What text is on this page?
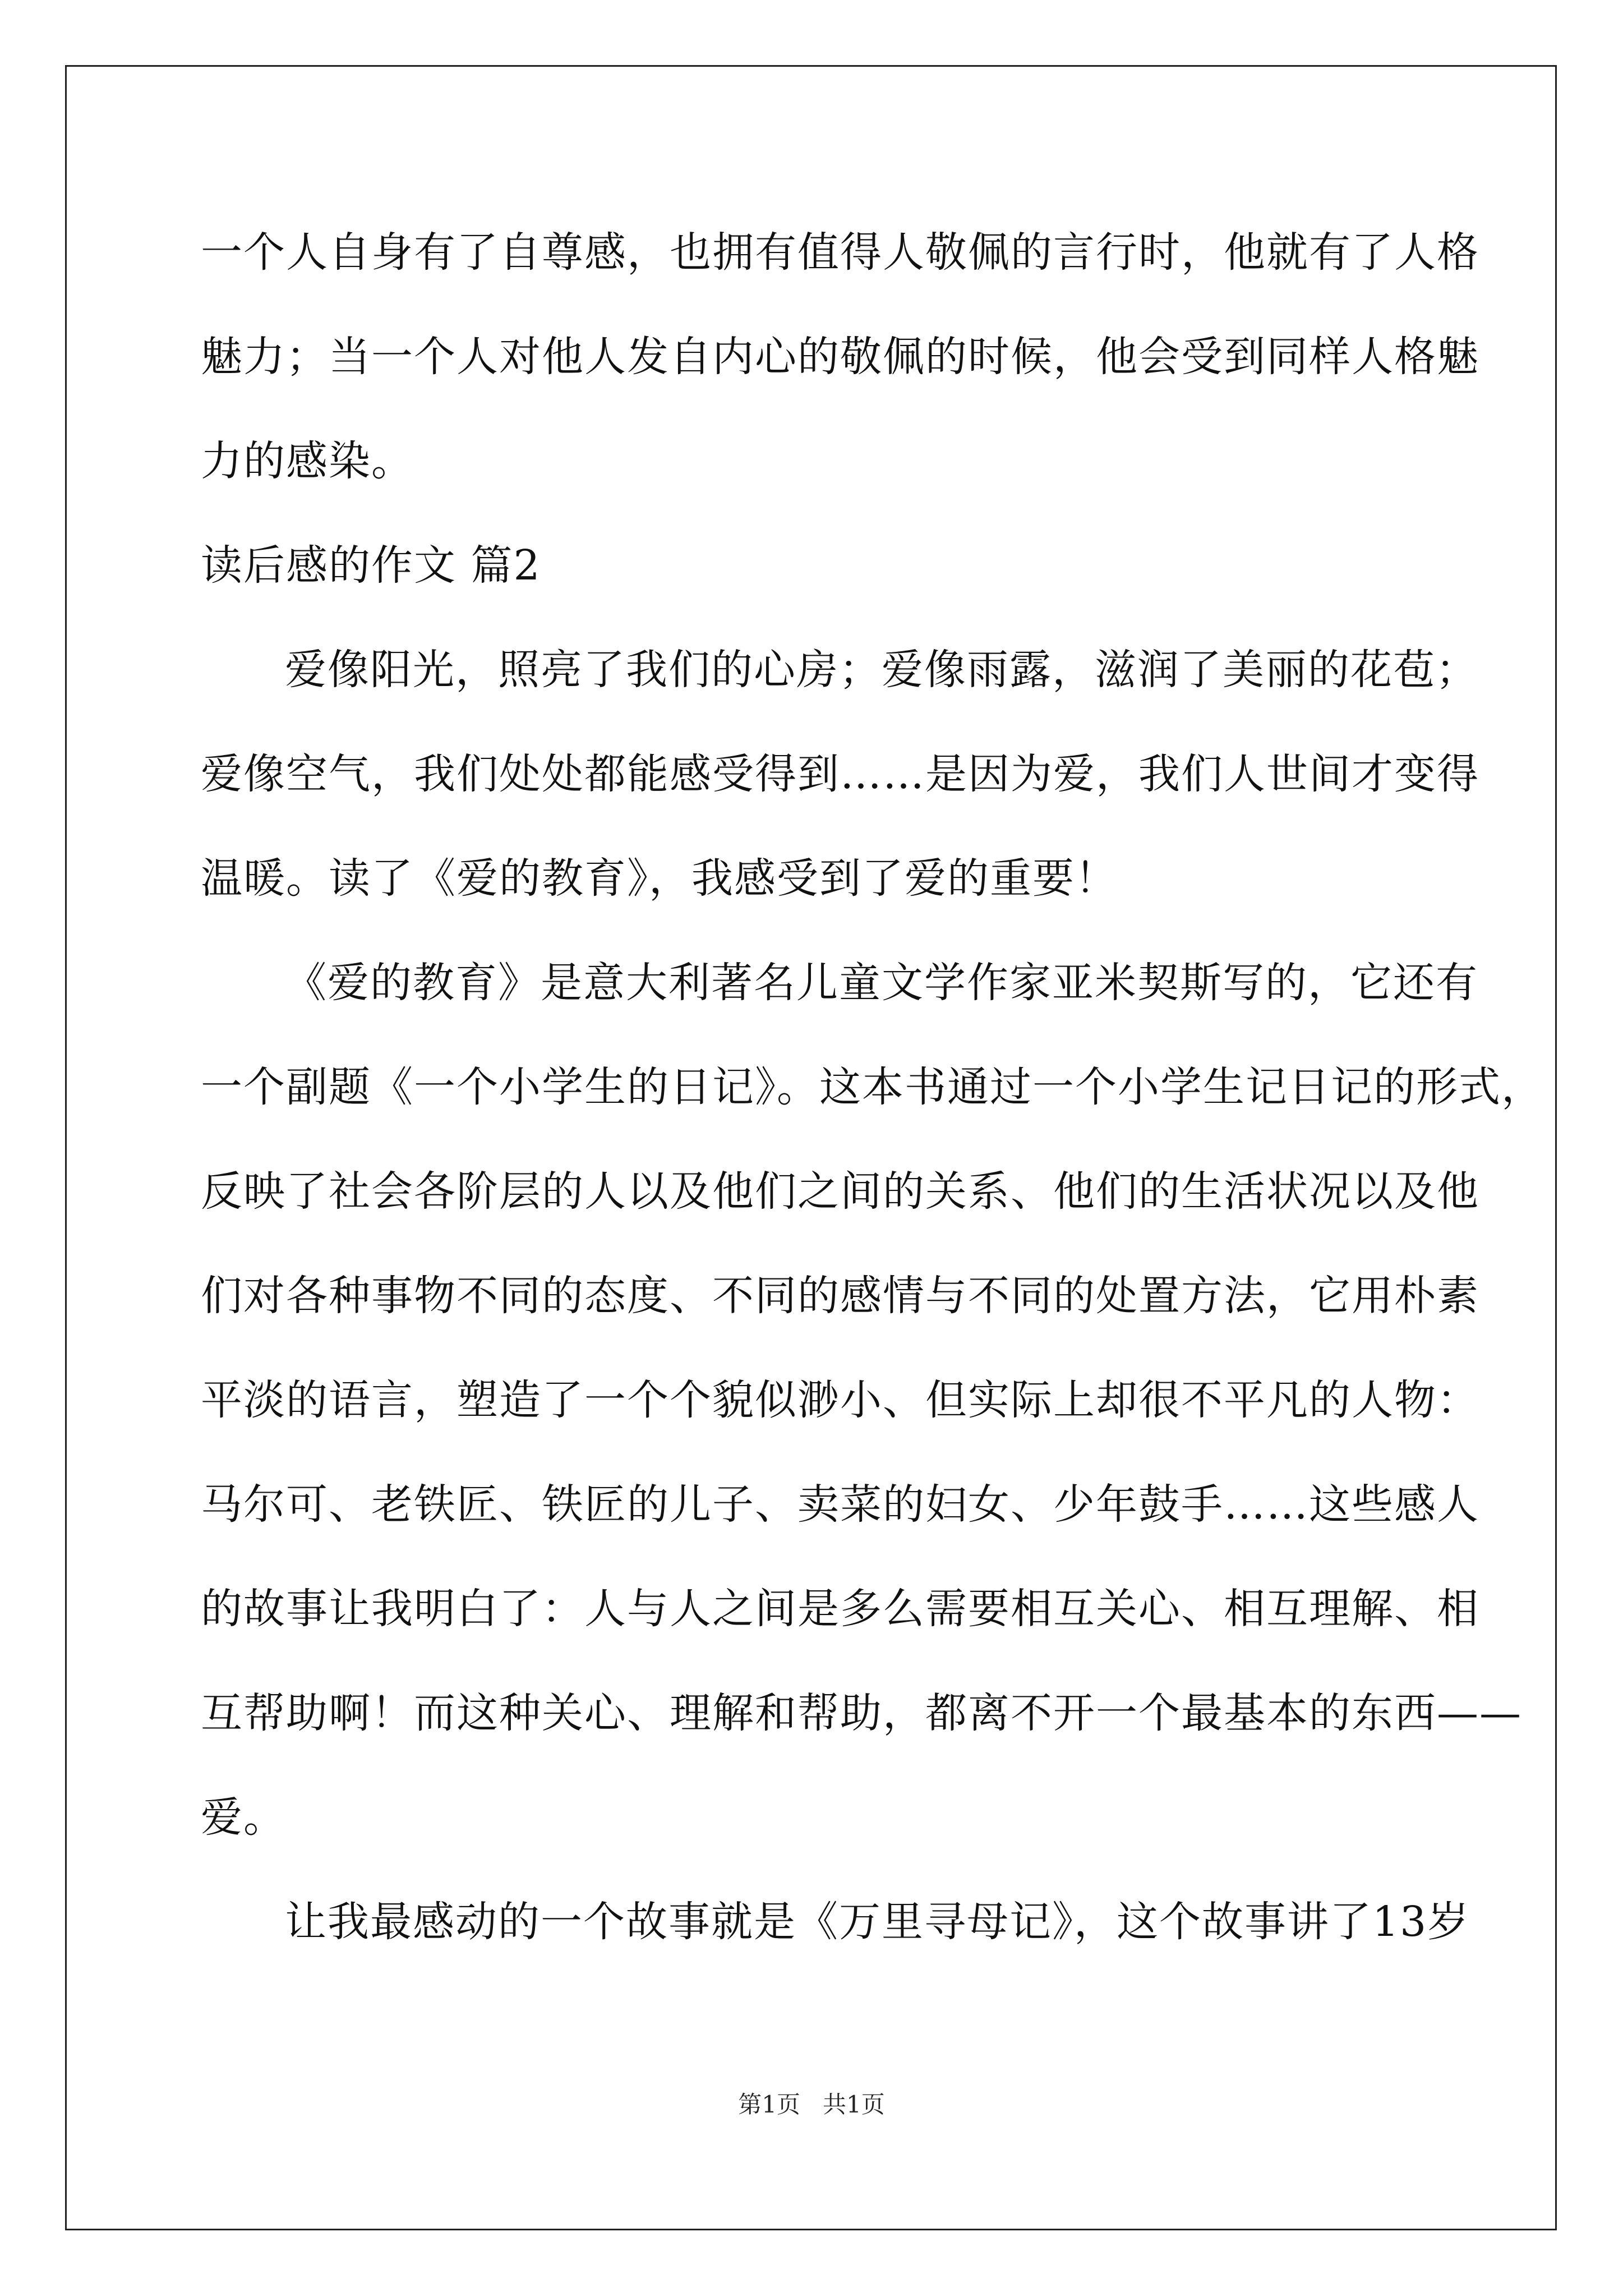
一个人自身有了自尊感，也拥有值得人敬佩的言行时，他就有了人格
魅力；当一个人对他人发自内心的敬佩的时候，他会受到同样人格魅
力的感染。
读后感的作文 篇2
爱像阳光，照亮了我们的心房；爱像雨露，滋润了美丽的花苞；
爱像空气，我们处处都能感受得到……是因为爱，我们人世间才变得
温暖。读了《爱的教育》，我感受到了爱的重要！
《爱的教育》是意大利著名儿童文学作家亚米契斯写的，它还有
一个副题《一个小学生的日记》。这本书通过一个小学生记日记的形式，
反映了社会各阶层的人以及他们之间的关系、他们的生活状况以及他
们对各种事物不同的态度、不同的感情与不同的处置方法，它用朴素
平淡的语言，塑造了一个个貌似渺小、但实际上却很不平凡的人物：
马尔可、老铁匠、铁匠的儿子、卖菜的妇女、少年鼓手……这些感人
的故事让我明白了：人与人之间是多么需要相互关心、相互理解、相
互帮助啊！而这种关心、理解和帮助，都离不开一个最基本的东西——
爱。
让我最感动的一个故事就是《万里寻母记》，这个故事讲了13岁
第1页   共1页
